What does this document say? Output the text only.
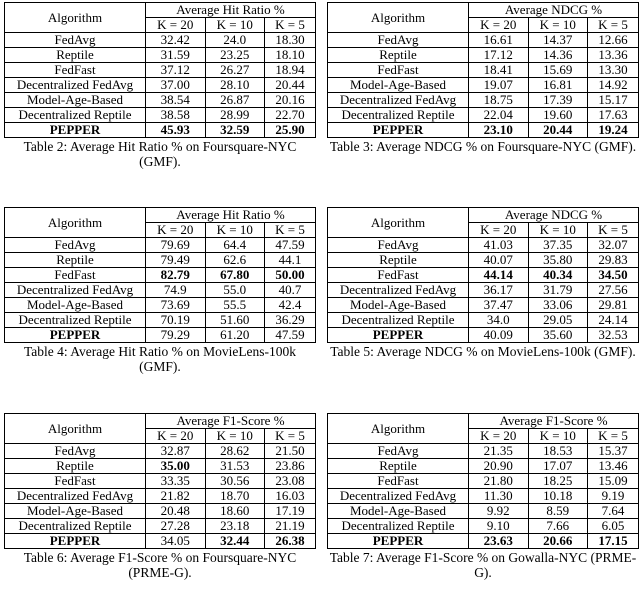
Algorithm	Average Hit Ratio %		
	K = 20	K = 10	K = 5
FedAvg	32.42	24.0	18.30
Reptile	31.59	23.25	18.10
FedFast	37.12	26.27	18.94
Decentralized FedAvg	37.00	28.10	20.44
Model-Age-Based	38.54	26.87	20.16
Decentralized Reptile	38.58	28.99	22.70
PEPPER	45.93	32.59	25.90
Table 2: Average Hit Ratio % on Foursquare-NYC (GMF).
Algorithm	Average NDCG %		
	K = 20	K = 10	K = 5
FedAvg	16.61	14.37	12.66
Reptile	17.12	14.36	13.36
FedFast	18.41	15.69	13.30
Model-Age-Based	19.07	16.81	14.92
Decentralized FedAvg	18.75	17.39	15.17
Decentralized Reptile	22.04	19.60	17.63
PEPPER	23.10	20.44	19.24
Table 3: Average NDCG % on Foursquare-NYC (GMF).
Algorithm	Average Hit Ratio %		
	K = 20	K = 10	K = 5
FedAvg	79.69	64.4	47.59
Reptile	79.49	62.6	44.1
FedFast	82.79	67.80	50.00
Decentralized FedAvg	74.9	55.0	40.7
Model-Age-Based	73.69	55.5	42.4
Decentralized Reptile	70.19	51.60	36.29
PEPPER	79.29	61.20	47.59
Table 4: Average Hit Ratio % on MovieLens-100k (GMF).
Algorithm	Average NDCG %		
	K = 20	K = 10	K = 5
FedAvg	41.03	37.35	32.07
Reptile	40.07	35.80	29.83
FedFast	44.14	40.34	34.50
Decentralized FedAvg	36.17	31.79	27.56
Model-Age-Based	37.47	33.06	29.81
Decentralized Reptile	34.0	29.05	24.14
PEPPER	40.09	35.60	32.53
Table 5: Average NDCG % on MovieLens-100k (GMF).
Algorithm	Average F1-Score %		
	K = 20	K = 10	K = 5
FedAvg	32.87	28.62	21.50
Reptile	35.00	31.53	23.86
FedFast	33.35	30.56	23.08
Decentralized FedAvg	21.82	18.70	16.03
Model-Age-Based	20.48	18.60	17.19
Decentralized Reptile	27.28	23.18	21.19
PEPPER	34.05	32.44	26.38
Table 6: Average F1-Score % on Foursquare-NYC (PRME-G).
Algorithm	Average F1-Score %		
	K = 20	K = 10	K = 5
FedAvg	21.35	18.53	15.37
Reptile	20.90	17.07	13.46
FedFast	21.80	18.25	15.09
Decentralized FedAvg	11.30	10.18	9.19
Model-Age-Based	9.92	8.59	7.64
Decentralized Reptile	9.10	7.66	6.05
PEPPER	23.63	20.66	17.15
Table 7: Average F1-Score % on Gowalla-NYC (PRME-G).
